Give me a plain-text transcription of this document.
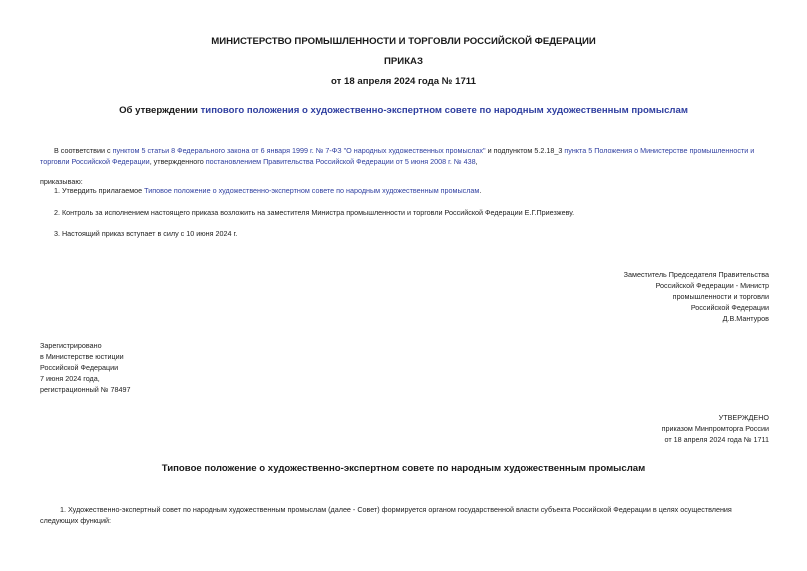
МИНИСТЕРСТВО ПРОМЫШЛЕННОСТИ И ТОРГОВЛИ РОССИЙСКОЙ ФЕДЕРАЦИИ
ПРИКАЗ
от 18 апреля 2024 года № 1711
Об утверждении типового положения о художественно-экспертном совете по народным художественным промыслам
В соответствии с пунктом 5 статьи 8 Федерального закона от 6 января 1999 г. № 7-ФЗ "О народных художественных промыслах" и подпунктом 5.2.18_3 пункта 5 Положения о Министерстве промышленности и торговли Российской Федерации, утвержденного постановлением Правительства Российской Федерации от 5 июня 2008 г. № 438,
приказываю:
1. Утвердить прилагаемое Типовое положение о художественно-экспертном совете по народным художественным промыслам.
2. Контроль за исполнением настоящего приказа возложить на заместителя Министра промышленности и торговли Российской Федерации Е.Г.Приезжеву.
3. Настоящий приказ вступает в силу с 10 июня 2024 г.
Заместитель Председателя Правительства
Российской Федерации - Министр
промышленности и торговли
Российской Федерации
Д.В.Мантуров
Зарегистрировано
в Министерстве юстиции
Российской Федерации
7 июня 2024 года,
регистрационный № 78497
УТВЕРЖДЕНО
приказом Минпромторга России
от 18 апреля 2024 года № 1711
Типовое положение о художественно-экспертном совете по народным художественным промыслам
1. Художественно-экспертный совет по народным художественным промыслам (далее - Совет) формируется органом государственной власти субъекта Российской Федерации в целях осуществления следующих функций:
